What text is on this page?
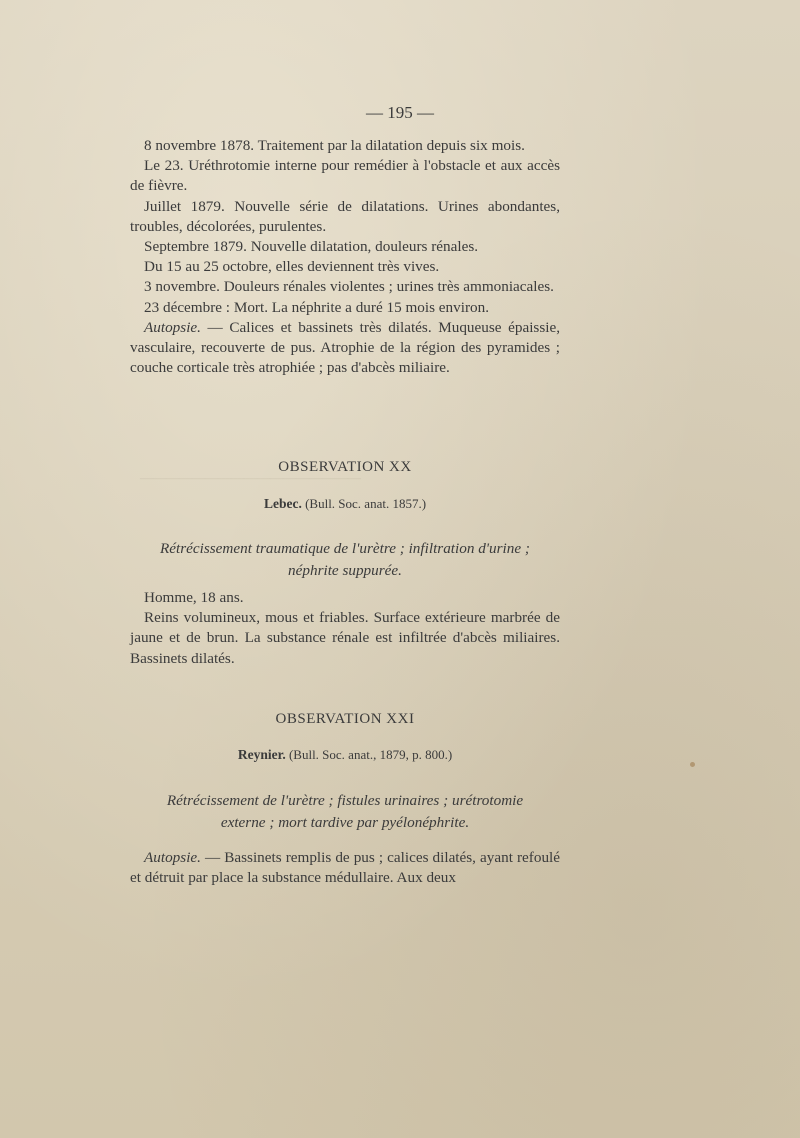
—————————————————
— 195 —

8 novembre 1878. Traitement par la dilatation depuis six mois.

Le 23. Uréthrotomie interne pour remédier à l'obstacle et aux accès de fièvre.

Juillet 1879. Nouvelle série de dilatations. Urines abondantes, troubles, décolorées, purulentes.

Septembre 1879. Nouvelle dilatation, douleurs rénales.

Du 15 au 25 octobre, elles deviennent très vives.

3 novembre. Douleurs rénales violentes ; urines très ammoniacales.

23 décembre : Mort. La néphrite a duré 15 mois environ.

Autopsie. — Calices et bassinets très dilatés. Muqueuse épaissie, vasculaire, recouverte de pus. Atrophie de la région des pyramides ; couche corticale très atrophiée ; pas d'abcès miliaire.

OBSERVATION XX
Lebec. (Bull. Soc. anat. 1857.)
Rétrécissement traumatique de l'urètre ; infiltration d'urine ;
néphrite suppurée.

Homme, 18 ans.

Reins volumineux, mous et friables. Surface extérieure marbrée de jaune et de brun. La substance rénale est infiltrée d'abcès miliaires. Bassinets dilatés.

OBSERVATION XXI
Reynier. (Bull. Soc. anat., 1879, p. 800.)
Rétrécissement de l'urètre ; fistules urinaires ; urétrotomie
externe ; mort tardive par pyélonéphrite.

Autopsie. — Bassinets remplis de pus ; calices dilatés, ayant refoulé et détruit par place la substance médullaire. Aux deux
